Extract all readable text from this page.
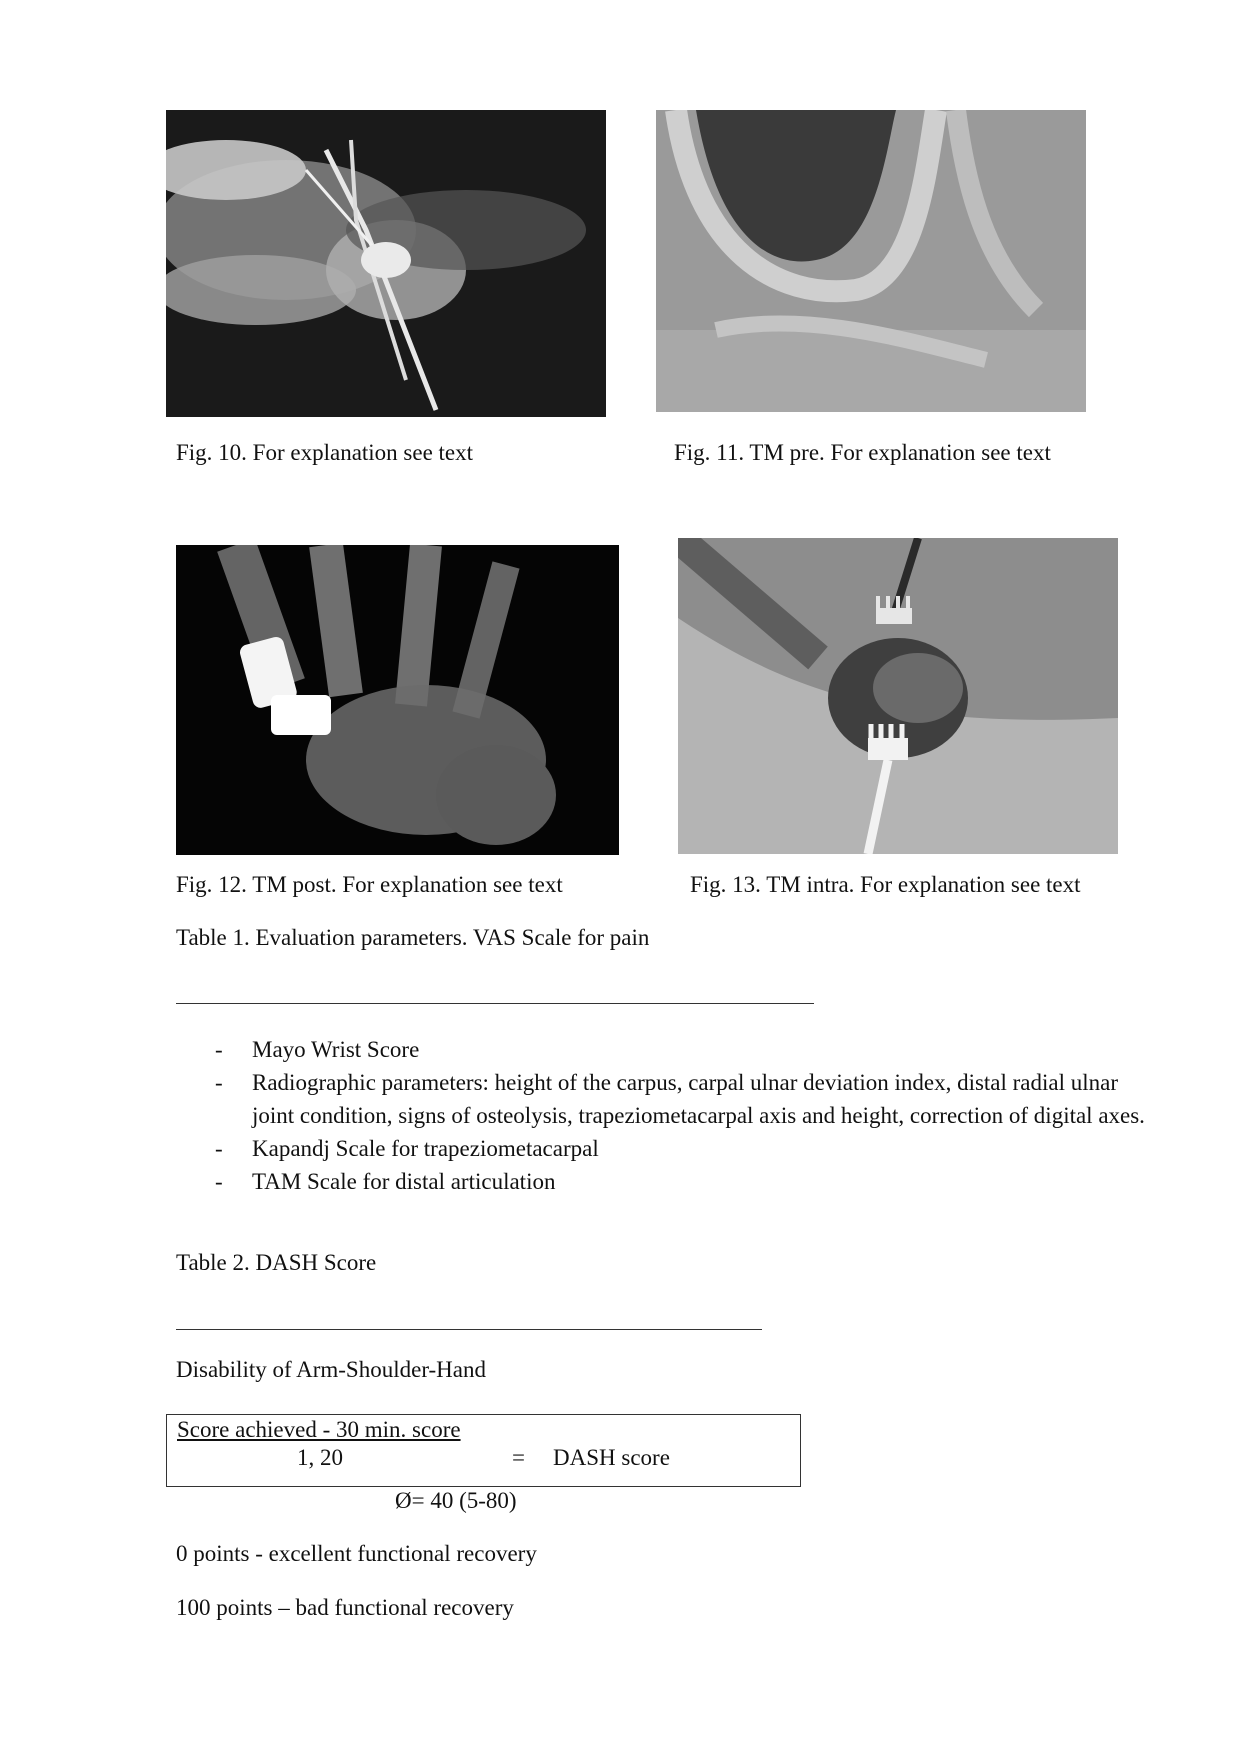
Fig. 10. For explanation see text	Fig. 11. TM pre. For explanation see text
Fig. 12. TM post. For explanation see text	Fig. 13. TM intra. For explanation see text
Table 1. Evaluation parameters. VAS Scale for pain
- Mayo Wrist Score
- Radiographic parameters: height of the carpus, carpal ulnar deviation index, distal radial ulnar joint condition, signs of osteolysis, trapeziometacarpal axis and height, correction of digital axes.
- Kapandj Scale for trapeziometacarpal
- TAM Scale for distal articulation
Table 2. DASH Score
Disability of Arm-Shoulder-Hand
Score achieved - 30 min. score
1, 20	= DASH score
Ø= 40 (5-80)
0 points - excellent functional recovery
100 points – bad functional recovery
